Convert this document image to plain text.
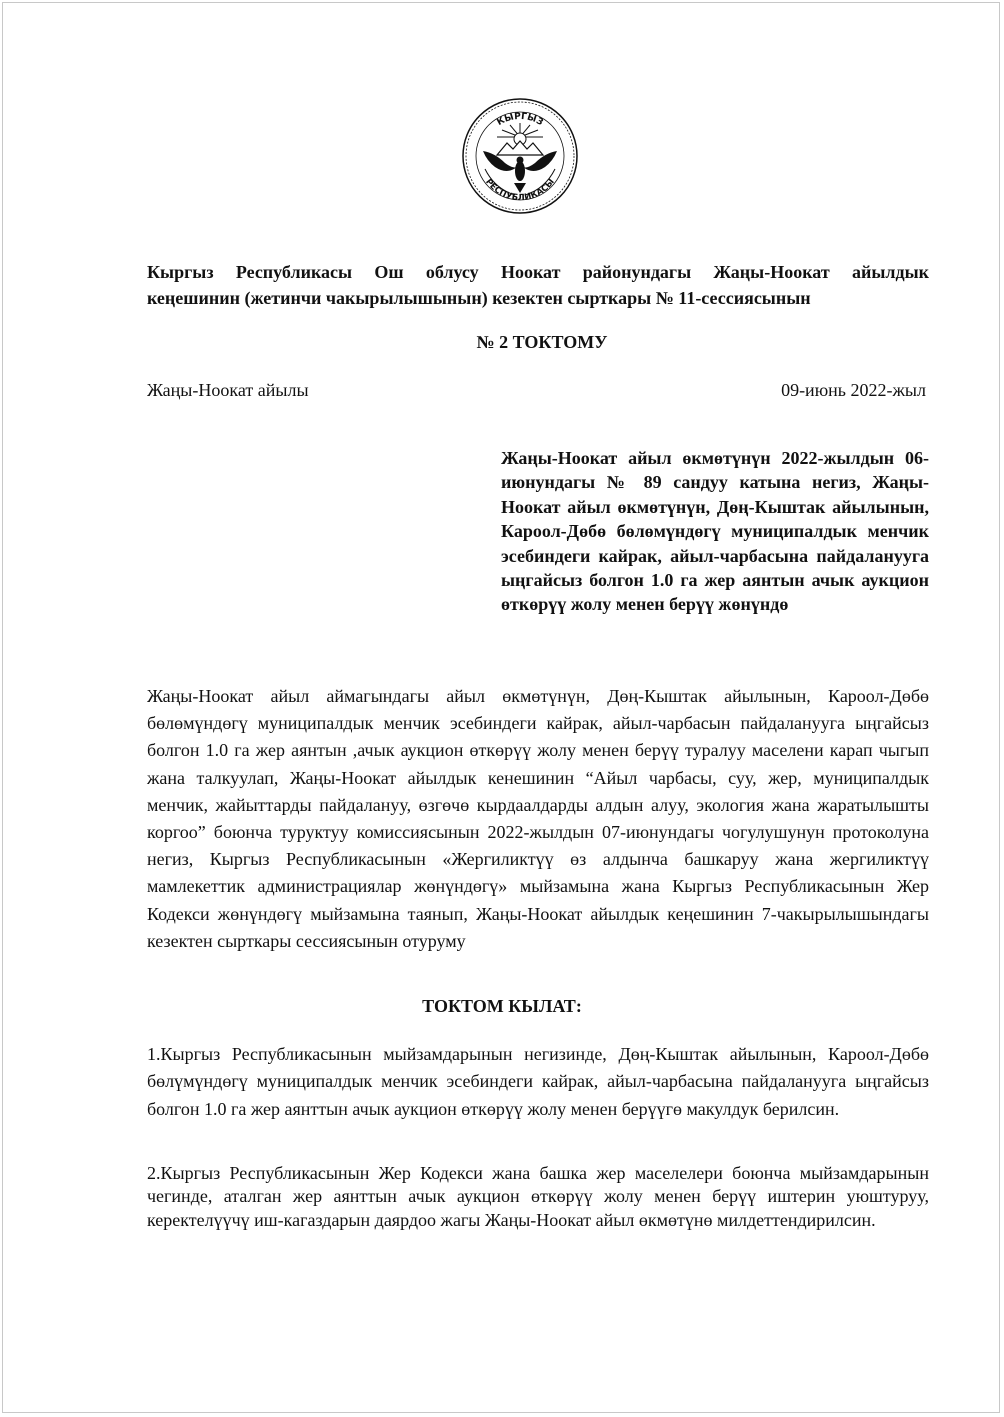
КЫРГЫЗ
РЕСПУБЛИКАСЫ
Кыргыз Республикасы Ош облусу Ноокат районундагы Жаңы-Ноокат айылдык
кеңешинин (жетинчи чакырылышынын) кезектен сырткары № 11-сессиясынын
№ 2 ТОКТОМУ
Жаңы-Ноокат айылы	09-июнь 2022-жыл
Жаңы-Ноокат айыл өкмөтүнүн 2022-жылдын 06-июнундагы № 89 сандуу катына негиз, Жаңы-Ноокат айыл өкмөтүнүн, Дөң-Кыштак айылынын, Кароол-Дөбө бөлөмүндөгү муниципалдык менчик эсебиндеги кайрак, айыл-чарбасына пайдаланууга ыңгайсыз болгон 1.0 га жер аянтын ачык аукцион өткөрүү жолу менен берүү жөнүндө
Жаңы-Ноокат айыл аймагындагы айыл өкмөтүнүн, Дөң-Кыштак айылынын, Кароол-Дөбө бөлөмүндөгү муниципалдык менчик эсебиндеги кайрак, айыл-чарбасын пайдаланууга ыңгайсыз болгон 1.0 га жер аянтын ,ачык аукцион өткөрүү жолу менен берүү туралуу маселени карап чыгып жана талкуулап, Жаңы-Ноокат айылдык кенешинин “Айыл чарбасы, суу, жер, муниципалдык менчик, жайыттарды пайдалануу, өзгөчө кырдаалдарды алдын алуу, экология жана жаратылышты коргоо” боюнча туруктуу комиссиясынын 2022-жылдын 07-июнундагы чогулушунун протоколуна негиз, Кыргыз Республикасынын «Жергиликтүү өз алдынча башкаруу жана жергиликтүү мамлекеттик администрациялар жөнүндөгү» мыйзамына жана Кыргыз Республикасынын Жер Кодекси жөнүндөгү мыйзамына таянып, Жаңы-Ноокат айылдык кеңешинин 7-чакырылышындагы кезектен сырткары сессиясынын отуруму
ТОКТОМ КЫЛАТ:
1.Кыргыз Республикасынын мыйзамдарынын негизинде, Дөң-Кыштак айылынын, Кароол-Дөбө бөлүмүндөгү муниципалдык менчик эсебиндеги кайрак, айыл-чарбасына пайдаланууга ыңгайсыз болгон 1.0 га жер аянттын ачык аукцион өткөрүү жолу менен берүүгө макулдук берилсин.
2.Кыргыз Республикасынын Жер Кодекси жана башка жер маселелери боюнча мыйзамдарынын чегинде, аталган жер аянттын ачык аукцион өткөрүү жолу менен берүү иштерин уюштуруу, керектелүүчү иш-кагаздарын даярдоо жагы Жаңы-Ноокат айыл өкмөтүнө милдеттендирилсин.
